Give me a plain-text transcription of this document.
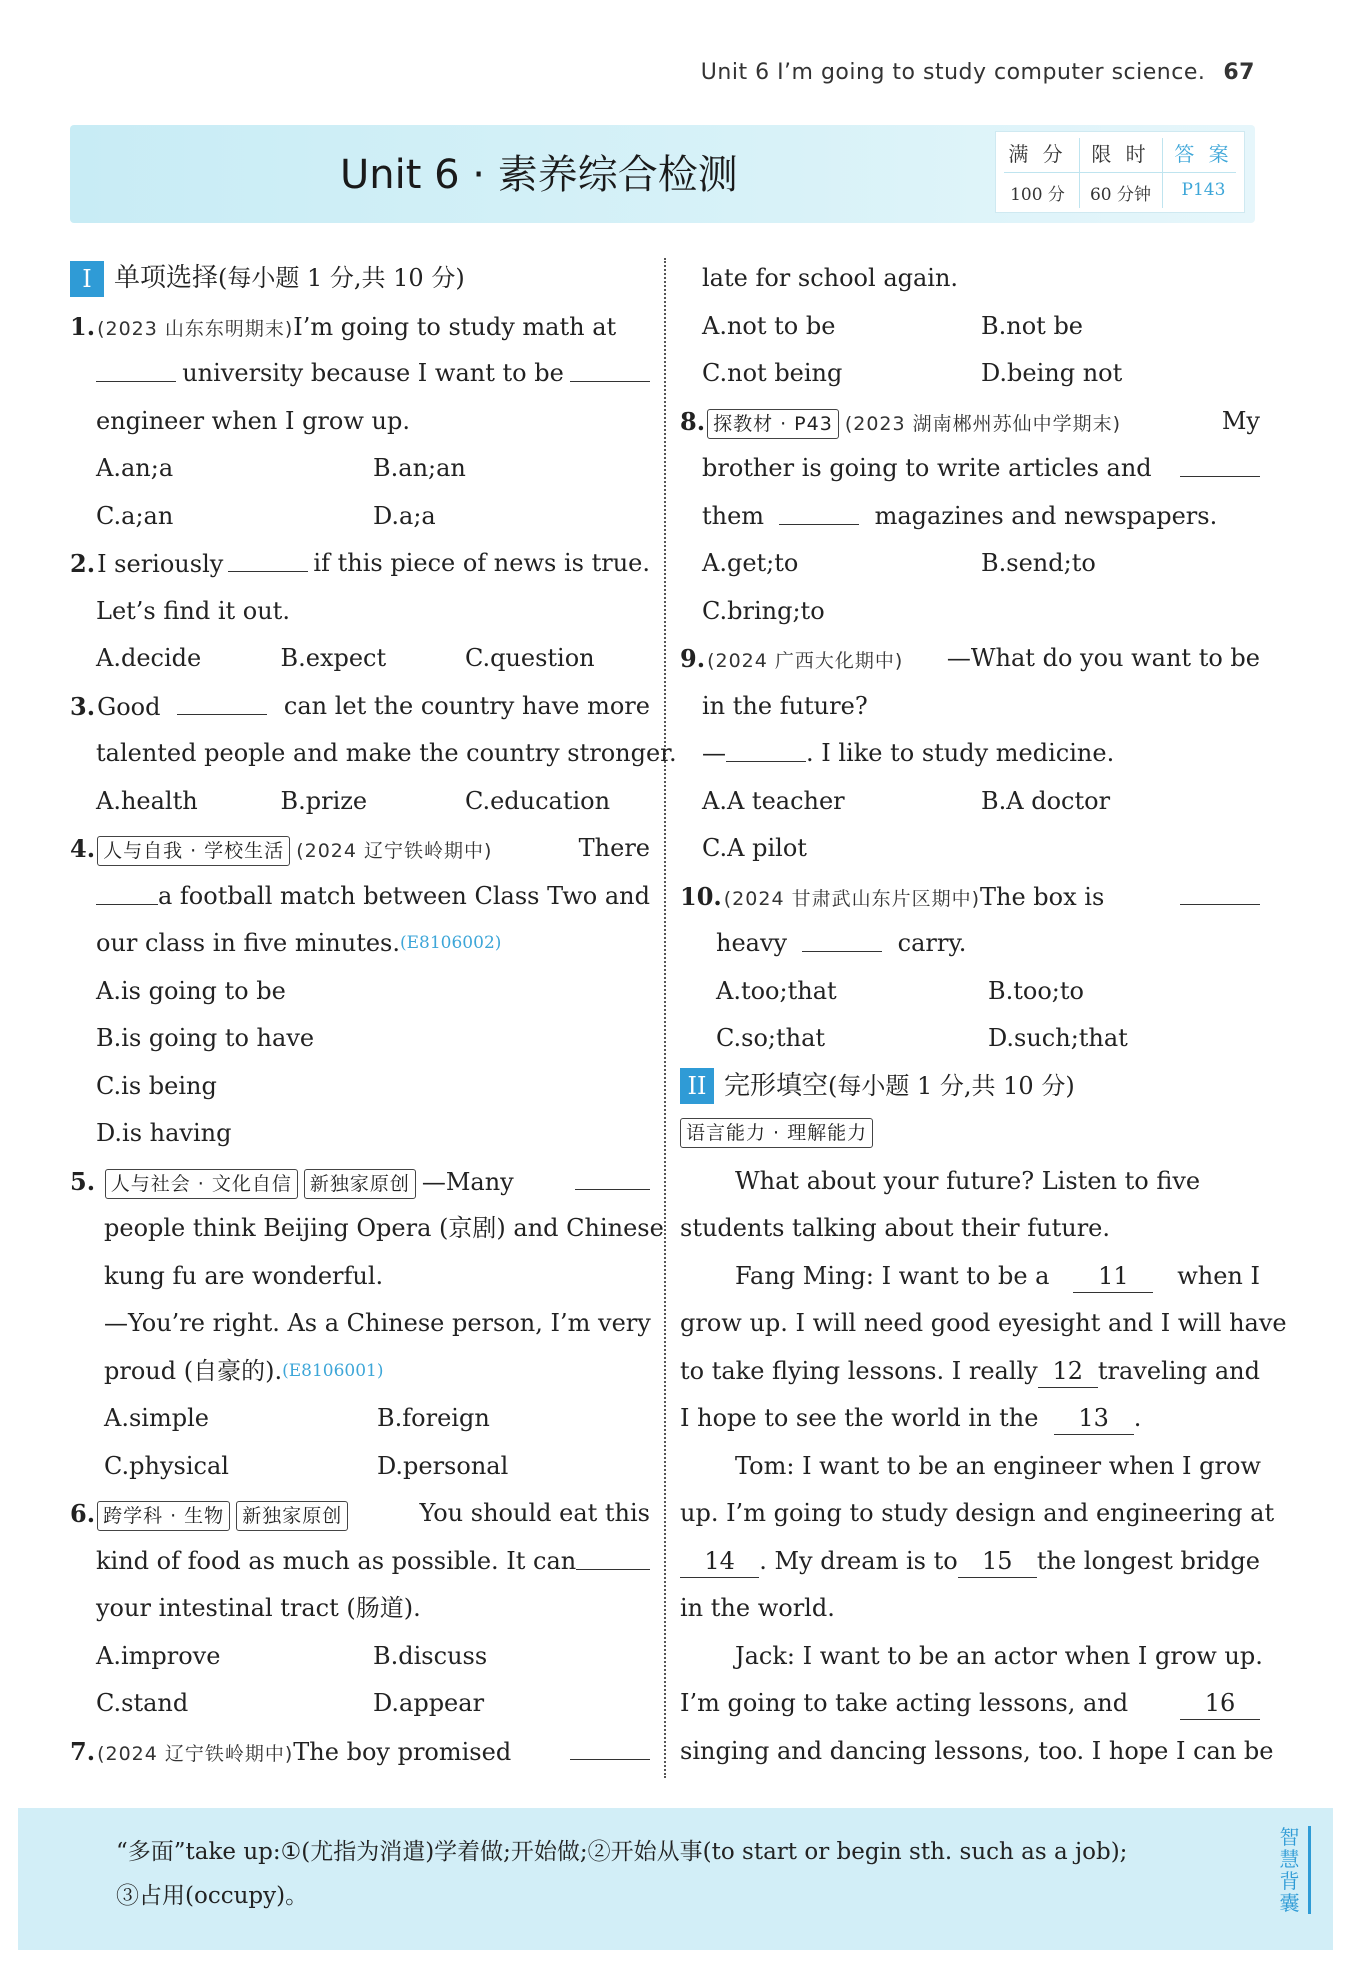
Unit 6 I’m going to study computer science. 67
Unit 6 · 素养综合检测	满 分	限 时	答 案
100 分	60 分钟	P143
I 单项选择 (每小题 1 分,共 10 分)
1. (2023 山东东明期末)I’m going to study math at
university because I want to be
engineer when I grow up.
A.an;a	B.an;an
C.a;an	D.a;a
2.I seriously	if this piece of news is true.
Let’s find it out.
A.decide	B.expect	C.question
3.Good	can let the country have more
talented people and make the country stronger.
A.health	B.prize	C.education
4. 人与自我 · 学校生活 (2024 辽宁铁岭期中)	There
a football match between Class Two and
our class in five minutes. (E8106002)
A.is going to be
B.is going to have
C.is being
D.is having
5. 人与社会 · 文化自信 新独家原创 —Many
people think Beijing Opera (京剧) and Chinese
kung fu are wonderful.
—You’re right. As a Chinese person, I’m very
proud (自豪的). (E8106001)
A.simple	B.foreign
C.physical	D.personal
6. 跨学科 · 生物 新独家原创	You should eat this
kind of food as much as possible. It can
your intestinal tract (肠道).
A.improve	B.discuss
C.stand	D.appear
7. (2024 辽宁铁岭期中)The boy promised
late for school again.
A.not to be	B.not be
C.not being	D.being not
8. 探教材 · P43 (2023 湖南郴州苏仙中学期末)	My
brother is going to write articles and
them

	magazines and newspapers.
A.get;to	B.send;to
C.bring;to
9. (2024 广西大化期中) —What do you want to be
in the future?
—	. I like to study medicine.
A.A teacher	B.A doctor
C.A pilot
10. (2024 甘肃武山东片区期中)The box is
heavy

	carry.
A.too;that	B.too;to
C.so;that	D.such;that
II 完形填空 (每小题 1 分,共 10 分)
语言能力 · 理解能力
What about your future? Listen to five
students talking about their future.
Fang Ming: I want to be a	11	when I
grow up. I will need good eyesight and I will have
to take flying lessons. I really 12 traveling and
I hope to see the world in the
	13	.
Tom: I want to be an engineer when I grow
up. I’m going to study design and engineering at
14	. My dream is to	15	the longest bridge
in the world.
Jack: I want to be an actor when I grow up.
I’m going to take acting lessons, and	16
singing and dancing lessons, too. I hope I can be
“多面”take up:①(尤指为消遣)学着做;开始做;②开始从事(to start or begin sth. such as a job);
③占用(occupy)。
智慧背囊
